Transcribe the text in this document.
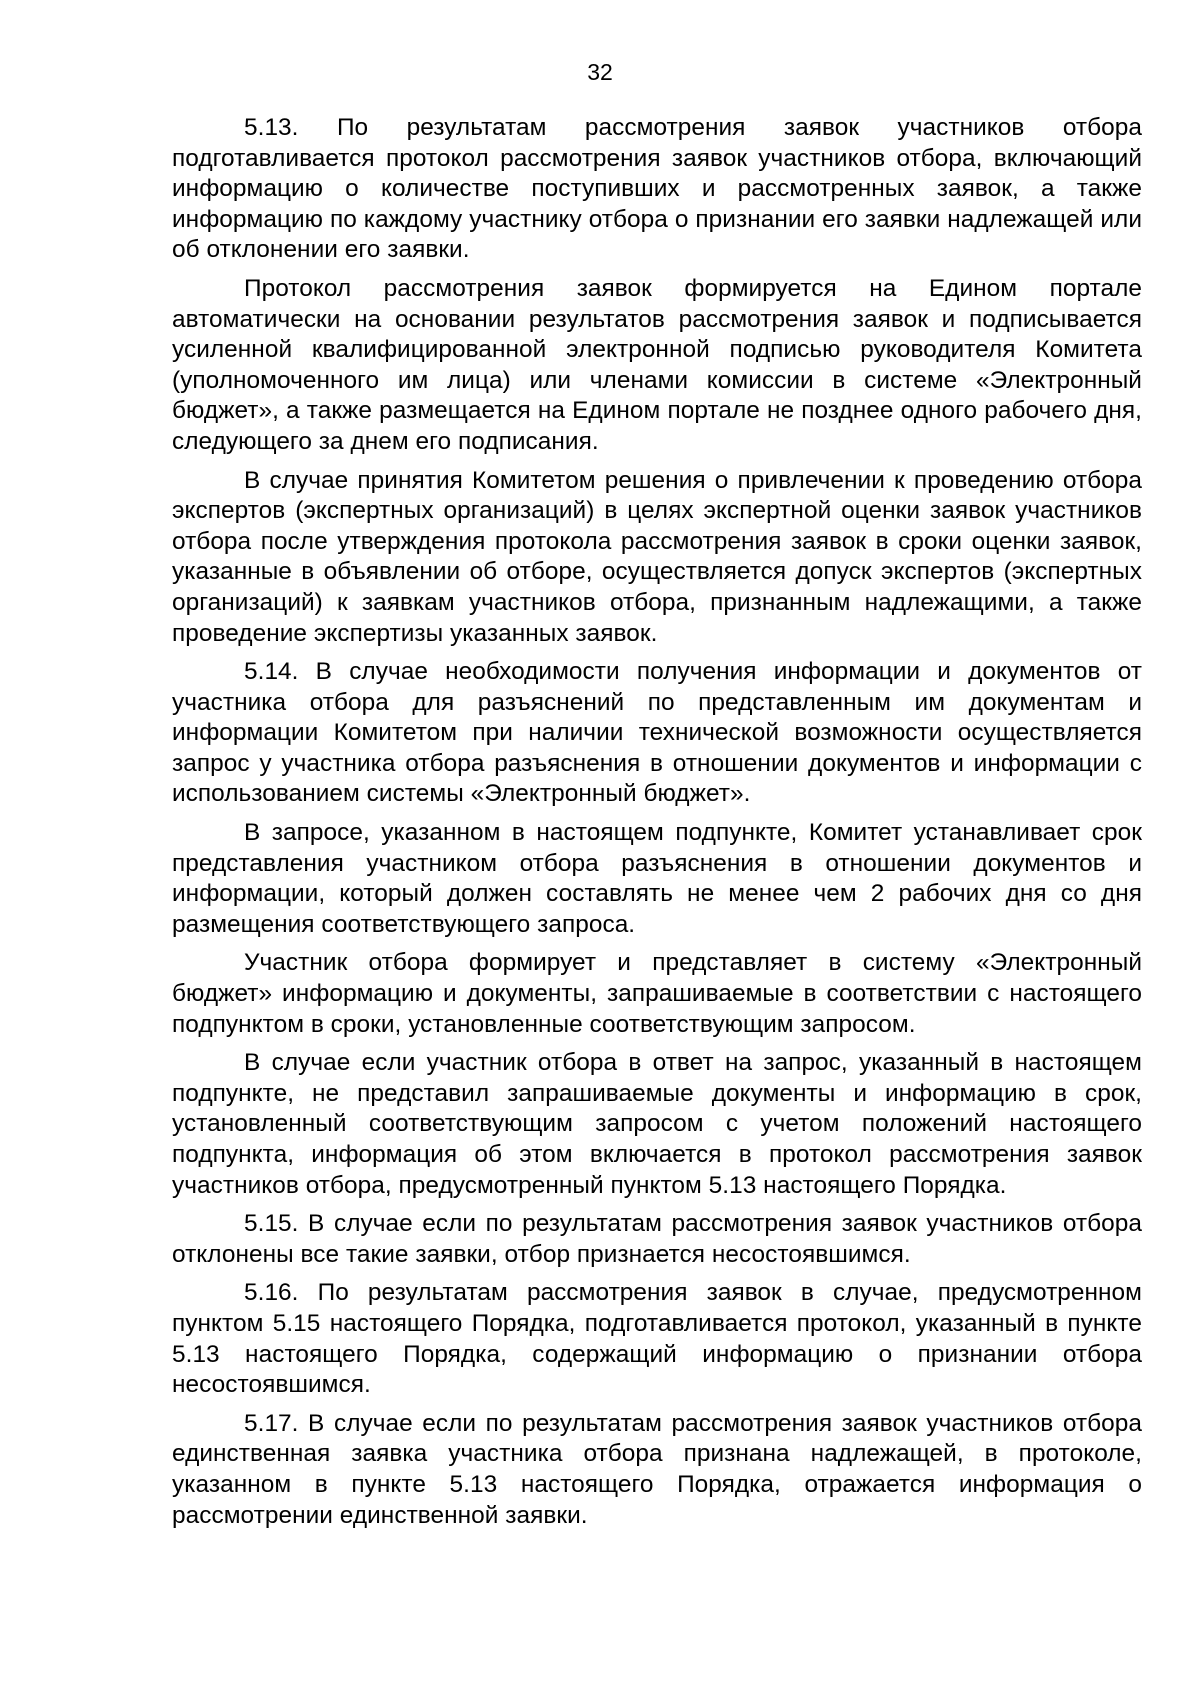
32

5.13. По результатам рассмотрения заявок участников отбора подготавливается протокол рассмотрения заявок участников отбора, включающий информацию о количестве поступивших и рассмотренных заявок, а также информацию по каждому участнику отбора о признании его заявки надлежащей или об отклонении его заявки.

Протокол рассмотрения заявок формируется на Едином портале автоматически на основании результатов рассмотрения заявок и подписывается усиленной квалифицированной электронной подписью руководителя Комитета (уполномоченного им лица) или членами комиссии в системе «Электронный бюджет», а также размещается на Едином портале не позднее одного рабочего дня, следующего за днем его подписания.

В случае принятия Комитетом решения о привлечении к проведению отбора экспертов (экспертных организаций) в целях экспертной оценки заявок участников отбора после утверждения протокола рассмотрения заявок в сроки оценки заявок, указанные в объявлении об отборе, осуществляется допуск экспертов (экспертных организаций) к заявкам участников отбора, признанным надлежащими, а также проведение экспертизы указанных заявок.

5.14. В случае необходимости получения информации и документов от участника отбора для разъяснений по представленным им документам и информации Комитетом при наличии технической возможности осуществляется запрос у участника отбора разъяснения в отношении документов и информации с использованием системы «Электронный бюджет».

В запросе, указанном в настоящем подпункте, Комитет устанавливает срок представления участником отбора разъяснения в отношении документов и информации, который должен составлять не менее чем 2 рабочих дня со дня размещения соответствующего запроса.

Участник отбора формирует и представляет в систему «Электронный бюджет» информацию и документы, запрашиваемые в соответствии с настоящего подпунктом в сроки, установленные соответствующим запросом.

В случае если участник отбора в ответ на запрос, указанный в настоящем подпункте, не представил запрашиваемые документы и информацию в срок, установленный соответствующим запросом с учетом положений настоящего подпункта, информация об этом включается в протокол рассмотрения заявок участников отбора, предусмотренный пунктом 5.13 настоящего Порядка.

5.15. В случае если по результатам рассмотрения заявок участников отбора отклонены все такие заявки, отбор признается несостоявшимся.

5.16. По результатам рассмотрения заявок в случае, предусмотренном пунктом 5.15 настоящего Порядка, подготавливается протокол, указанный в пункте 5.13 настоящего Порядка, содержащий информацию о признании отбора несостоявшимся.

5.17. В случае если по результатам рассмотрения заявок участников отбора единственная заявка участника отбора признана надлежащей, в протоколе, указанном в пункте 5.13 настоящего Порядка, отражается информация о рассмотрении единственной заявки.
